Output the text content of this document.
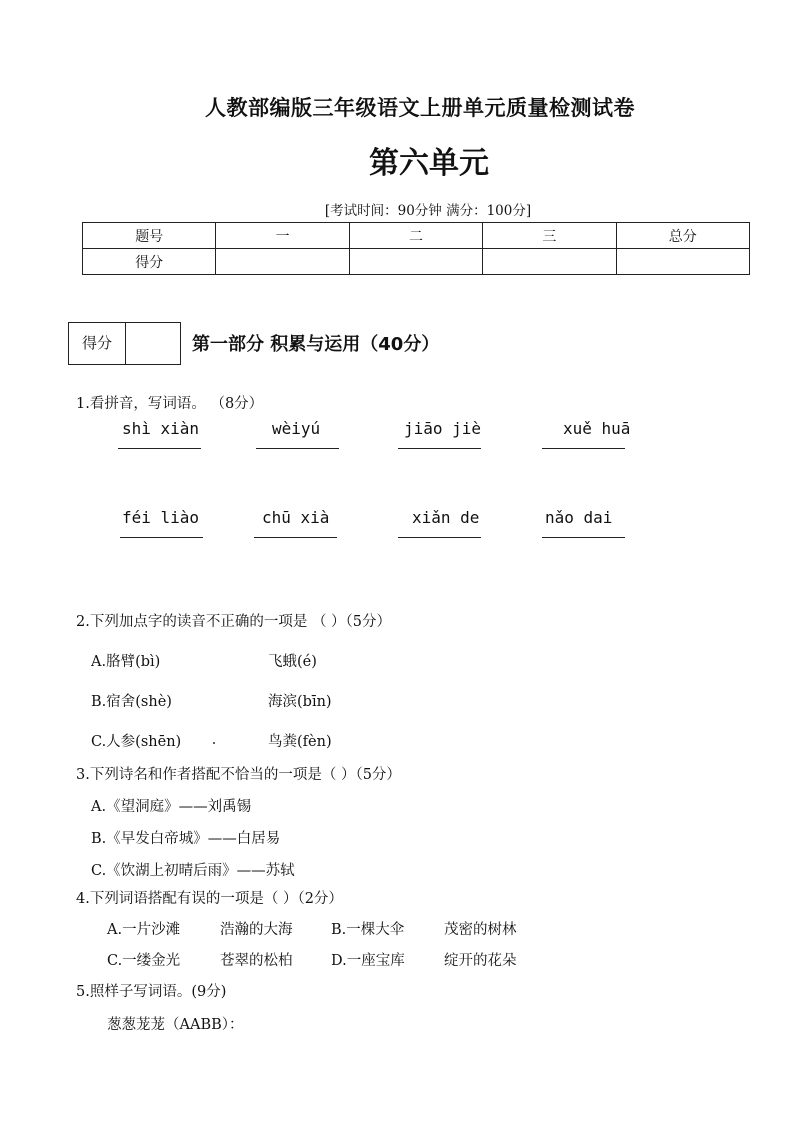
人教部编版三年级语文上册单元质量检测试卷
第六单元
[考试时间：90分钟 满分：100分]
题号	一	二	三	总分
得分				
得分	第一部分 积累与运用（40分）
1.看拼音，写词语。 （8分）
shì xiàn	wèiyú	jiāo jiè	xuě huā
féi liào	chū xià	xiǎn de	nǎo dai
2.下列加点字的读音不正确的一项是 （ ）（5分）
A.胳臂(bì)	飞蛾(é)
B.宿舍(shè)	海滨(bīn)
C.人参(shēn)	鸟粪(fèn)
3.下列诗名和作者搭配不恰当的一项是（ ）（5分）
A.《望洞庭》——刘禹锡
B.《早发白帝城》——白居易
C.《饮湖上初晴后雨》——苏轼
4.下列词语搭配有误的一项是（ ）（2分）
A.一片沙滩	浩瀚的大海	B.一棵大伞	茂密的树林
C.一缕金光	苍翠的松柏	D.一座宝库	绽开的花朵
5.照样子写词语。(9分)
葱葱茏茏（AABB）：
